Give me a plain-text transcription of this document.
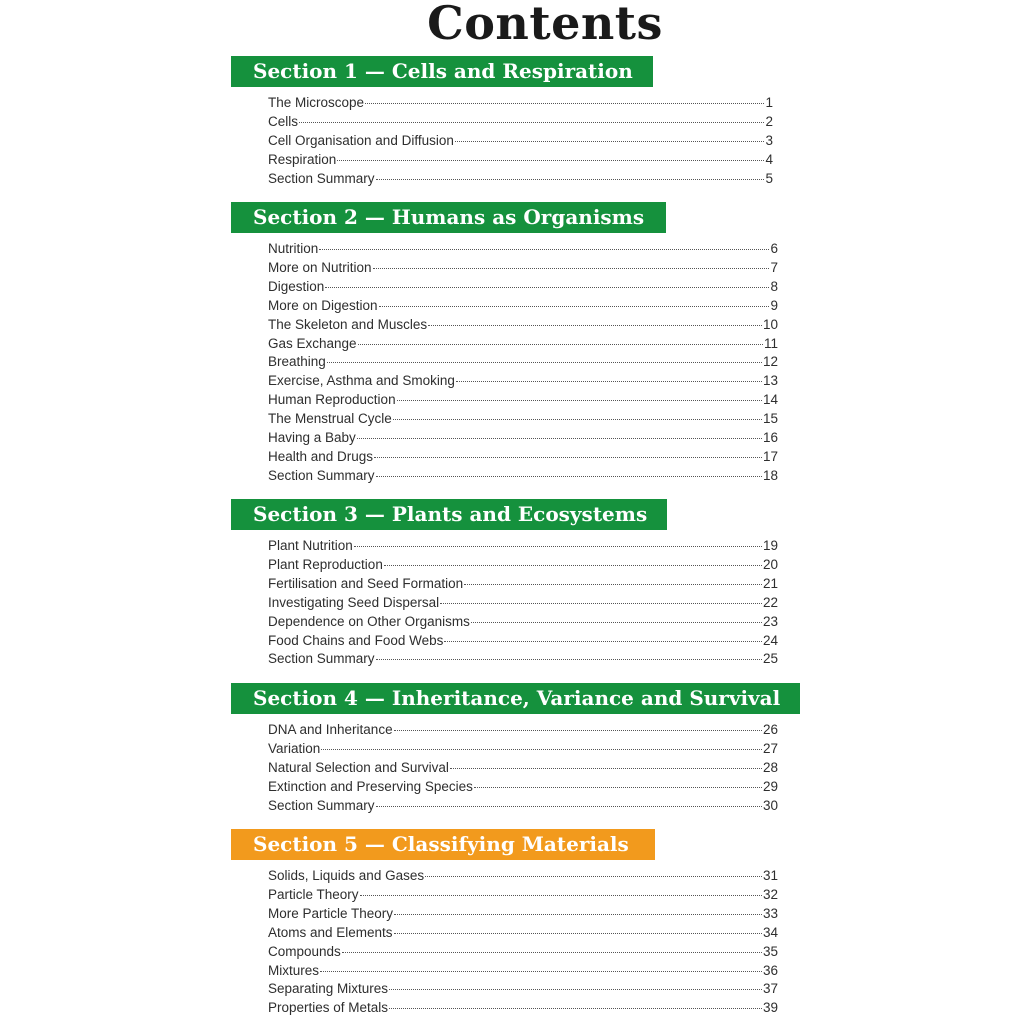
Contents
Section 1 — Cells and Respiration
The Microscope	1
Cells	2
Cell Organisation and Diffusion	3
Respiration	4
Section Summary	5
Section 2 — Humans as Organisms
Nutrition	6
More on Nutrition	7
Digestion	8
More on Digestion	9
The Skeleton and Muscles	10
Gas Exchange	11
Breathing	12
Exercise, Asthma and Smoking	13
Human Reproduction	14
The Menstrual Cycle	15
Having a Baby	16
Health and Drugs	17
Section Summary	18
Section 3 — Plants and Ecosystems
Plant Nutrition	19
Plant Reproduction	20
Fertilisation and Seed Formation	21
Investigating Seed Dispersal	22
Dependence on Other Organisms	23
Food Chains and Food Webs	24
Section Summary	25
Section 4 — Inheritance, Variance and Survival
DNA and Inheritance	26
Variation	27
Natural Selection and Survival	28
Extinction and Preserving Species	29
Section Summary	30
Section 5 — Classifying Materials
Solids, Liquids and Gases	31
Particle Theory	32
More Particle Theory	33
Atoms and Elements	34
Compounds	35
Mixtures	36
Separating Mixtures	37
Properties of Metals	39
